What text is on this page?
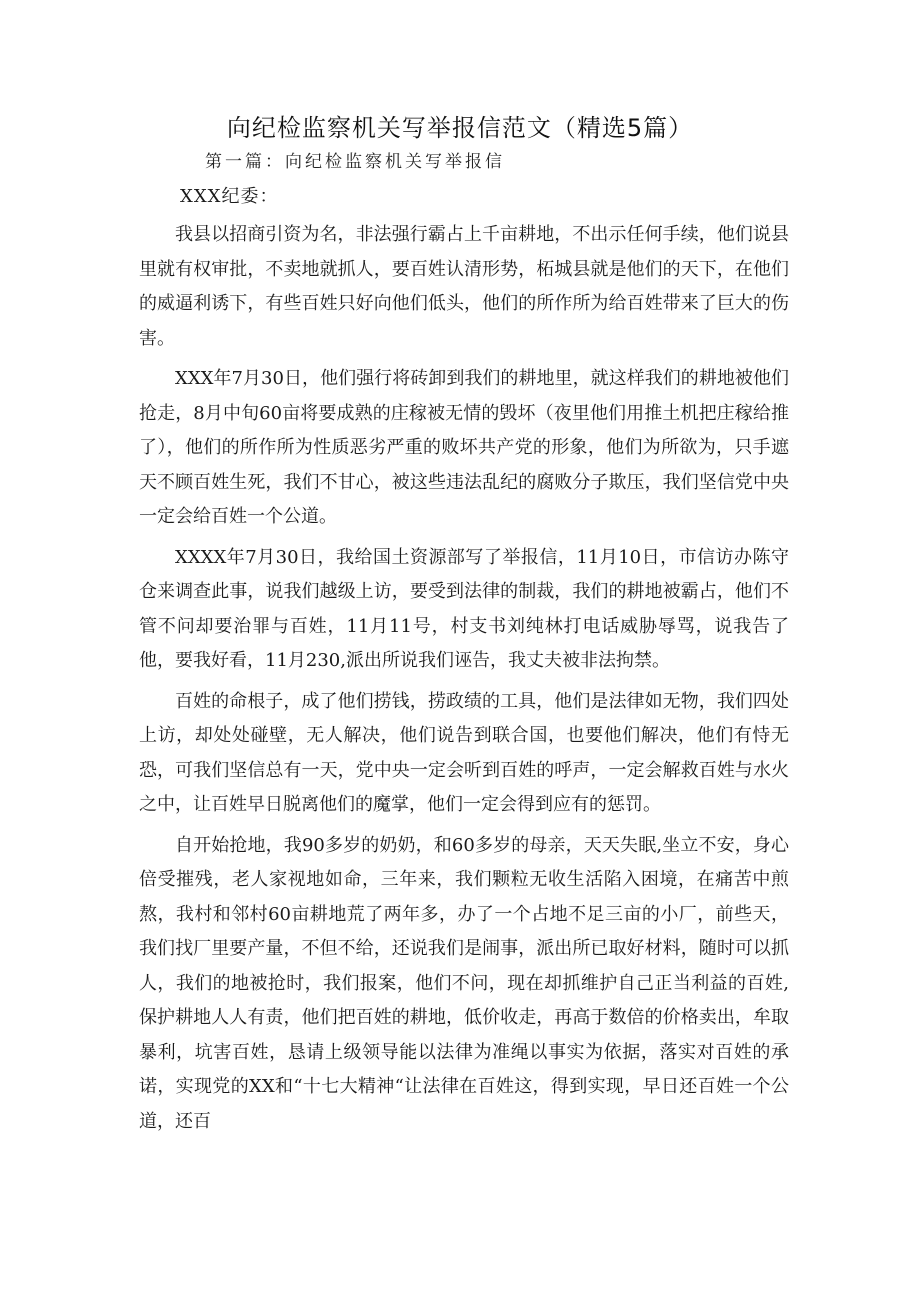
向纪检监察机关写举报信范文（精选5篇）
第一篇：向纪检监察机关写举报信
XXX纪委：

我县以招商引资为名，非法强行霸占上千亩耕地，不出示任何手续，他们说县里就有权审批，不卖地就抓人，要百姓认清形势，柘城县就是他们的天下，在他们的威逼利诱下，有些百姓只好向他们低头，他们的所作所为给百姓带来了巨大的伤害。

XXX年7月30日，他们强行将砖卸到我们的耕地里，就这样我们的耕地被他们抢走，8月中旬60亩将要成熟的庄稼被无情的毁坏（夜里他们用推土机把庄稼给推了），他们的所作所为性质恶劣严重的败坏共产党的形象，他们为所欲为，只手遮天不顾百姓生死，我们不甘心，被这些违法乱纪的腐败分子欺压，我们坚信党中央一定会给百姓一个公道。

XXXX年7月30日，我给国土资源部写了举报信，11月10日，市信访办陈守仓来调查此事，说我们越级上访，要受到法律的制裁，我们的耕地被霸占，他们不管不问却要治罪与百姓，11月11号，村支书刘纯林打电话威胁辱骂，说我告了他，要我好看，11月230,派出所说我们诬告，我丈夫被非法拘禁。

百姓的命根子，成了他们捞钱，捞政绩的工具，他们是法律如无物，我们四处上访，却处处碰壁，无人解决，他们说告到联合国，也要他们解决，他们有恃无恐，可我们坚信总有一天，党中央一定会听到百姓的呼声，一定会解救百姓与水火之中，让百姓早日脱离他们的魔掌，他们一定会得到应有的惩罚。

自开始抢地，我90多岁的奶奶，和60多岁的母亲，天天失眠,坐立不安，身心倍受摧残，老人家视地如命，三年来，我们颗粒无收生活陷入困境，在痛苦中煎熬，我村和邻村60亩耕地荒了两年多，办了一个占地不足三亩的小厂，前些天，我们找厂里要产量，不但不给，还说我们是闹事，派出所已取好材料，随时可以抓人，我们的地被抢时，我们报案，他们不问，现在却抓维护自己正当利益的百姓,保护耕地人人有责，他们把百姓的耕地，低价收走，再高于数倍的价格卖出，牟取暴利，坑害百姓，恳请上级领导能以法律为准绳以事实为依据，落实对百姓的承诺，实现党的XX和“十七大精神“让法律在百姓这，得到实现，早日还百姓一个公道，还百
